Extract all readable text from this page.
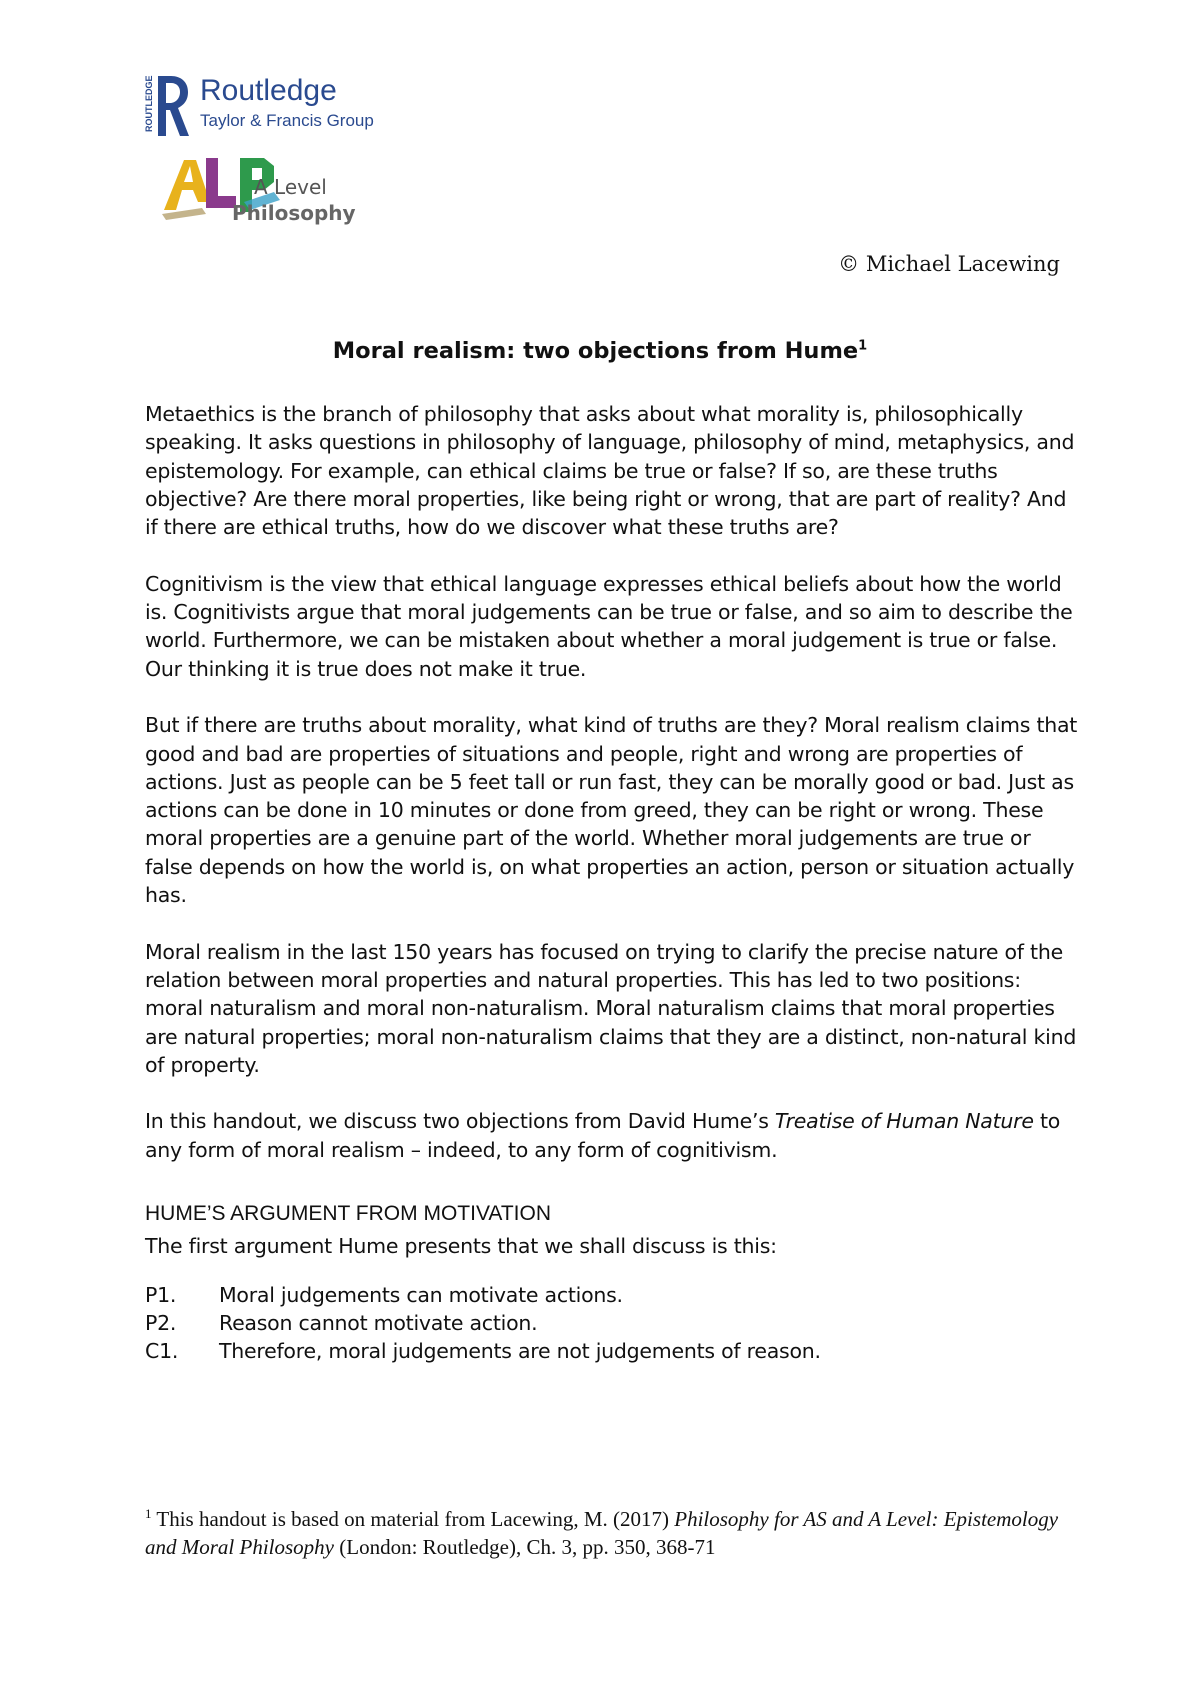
ROUTLEDGE Routledge
Taylor & Francis Group
A Level
Philosophy
© Michael Lacewing
Moral realism: two objections from Hume$^1$

Metaethics is the branch of philosophy that asks about what morality is, philosophically speaking. It asks questions in philosophy of language, philosophy of mind, metaphysics, and epistemology. For example, can ethical claims be true or false? If so, are these truths objective? Are there moral properties, like being right or wrong, that are part of reality? And if there are ethical truths, how do we discover what these truths are?

Cognitivism is the view that ethical language expresses ethical beliefs about how the world is. Cognitivists argue that moral judgements can be true or false, and so aim to describe the world. Furthermore, we can be mistaken about whether a moral judgement is true or false. Our thinking it is true does not make it true.

But if there are truths about morality, what kind of truths are they? Moral realism claims that good and bad are properties of situations and people, right and wrong are properties of actions. Just as people can be 5 feet tall or run fast, they can be morally good or bad. Just as actions can be done in 10 minutes or done from greed, they can be right or wrong. These moral properties are a genuine part of the world. Whether moral judgements are true or false depends on how the world is, on what properties an action, person or situation actually has.

Moral realism in the last 150 years has focused on trying to clarify the precise nature of the relation between moral properties and natural properties. This has led to two positions: moral naturalism and moral non-naturalism. Moral naturalism claims that moral properties are natural properties; moral non-naturalism claims that they are a distinct, non-natural kind of property.

In this handout, we discuss two objections from David Hume’s Treatise of Human Nature to any form of moral realism – indeed, to any form of cognitivism.

HUME’S ARGUMENT FROM MOTIVATION
The first argument Hume presents that we shall discuss is this:
P1.	Moral judgements can motivate actions.
P2.	Reason cannot motivate action.
C1.	Therefore, moral judgements are not judgements of reason.
$^1$ This handout is based on material from Lacewing, M. (2017) Philosophy for AS and A Level: Epistemology and Moral Philosophy (London: Routledge), Ch. 3, pp. 350, 368-71
